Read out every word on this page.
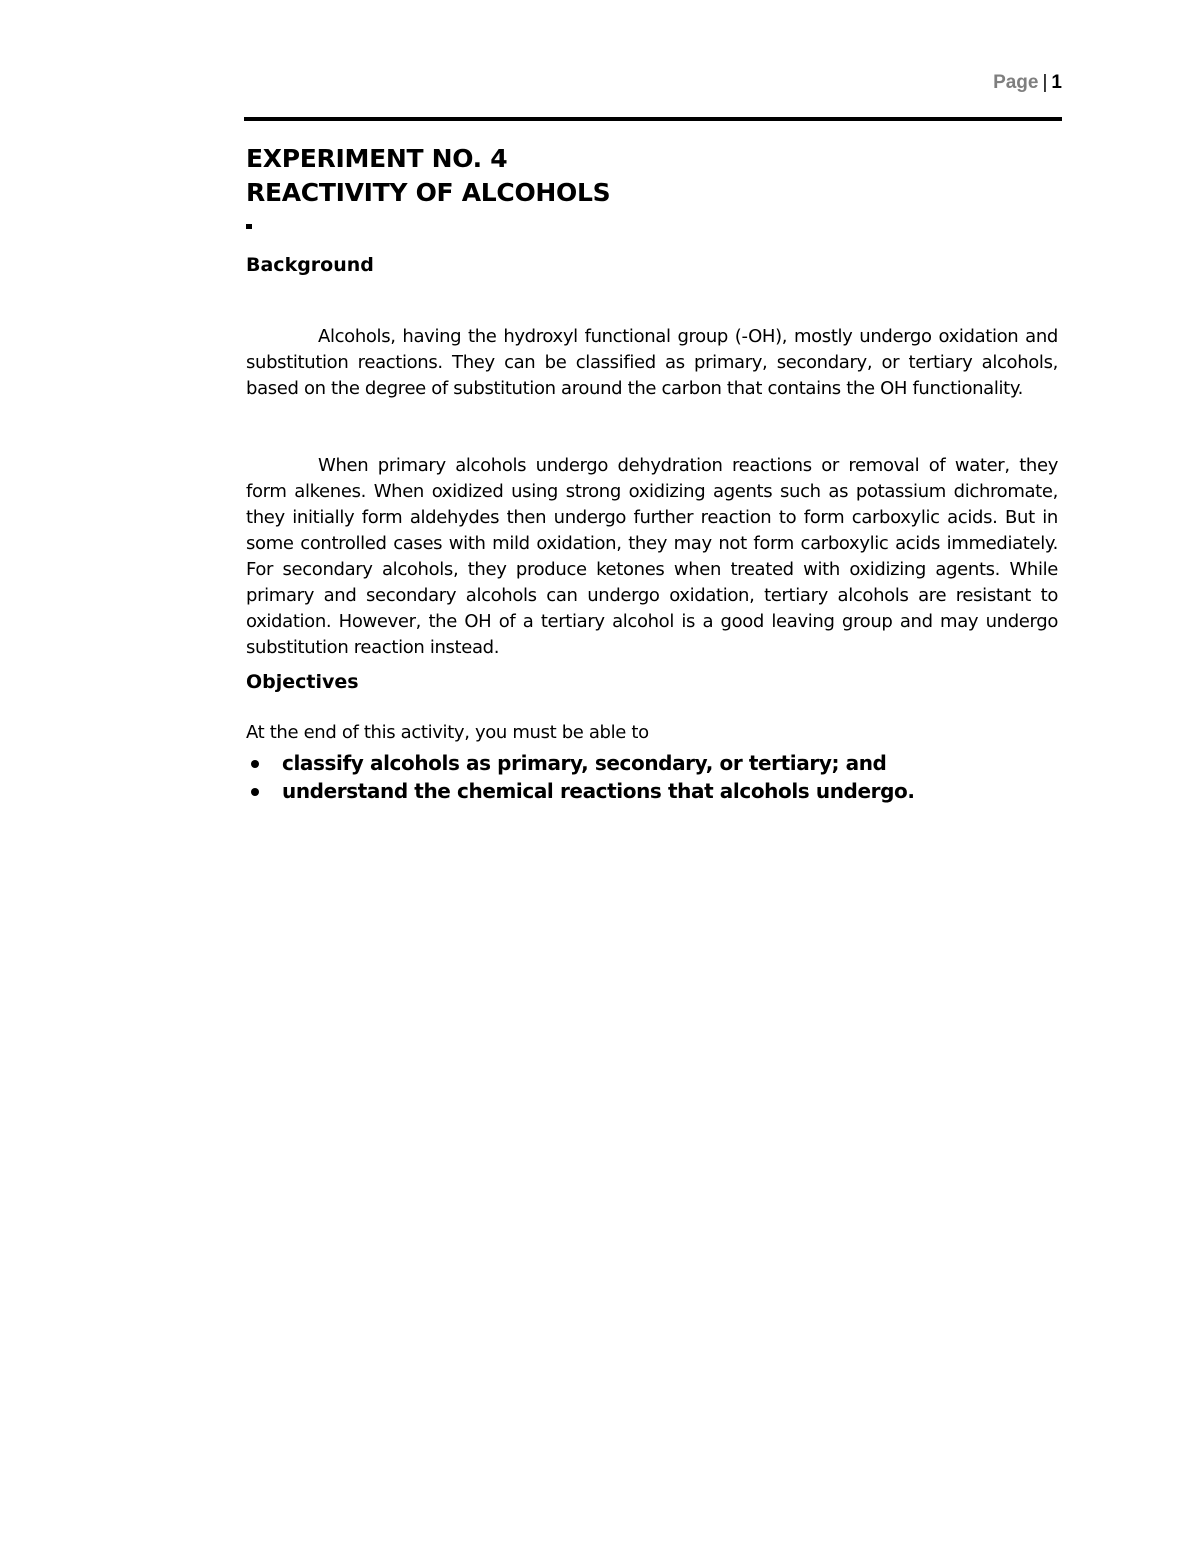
Page | 1
EXPERIMENT NO. 4
REACTIVITY OF ALCOHOLS
Background

Alcohols, having the hydroxyl functional group (-OH), mostly undergo oxidation and substitution reactions. They can be classified as primary, secondary, or tertiary alcohols, based on the degree of substitution around the carbon that contains the OH functionality.

When primary alcohols undergo dehydration reactions or removal of water, they form alkenes. When oxidized using strong oxidizing agents such as potassium dichromate, they initially form aldehydes then undergo further reaction to form carboxylic acids. But in some controlled cases with mild oxidation, they may not form carboxylic acids immediately. For secondary alcohols, they produce ketones when treated with oxidizing agents. While primary and secondary alcohols can undergo oxidation, tertiary alcohols are resistant to oxidation. However, the OH of a tertiary alcohol is a good leaving group and may undergo substitution reaction instead.

Objectives
At the end of this activity, you must be able to
classify alcohols as primary, secondary, or tertiary; and
understand the chemical reactions that alcohols undergo.
